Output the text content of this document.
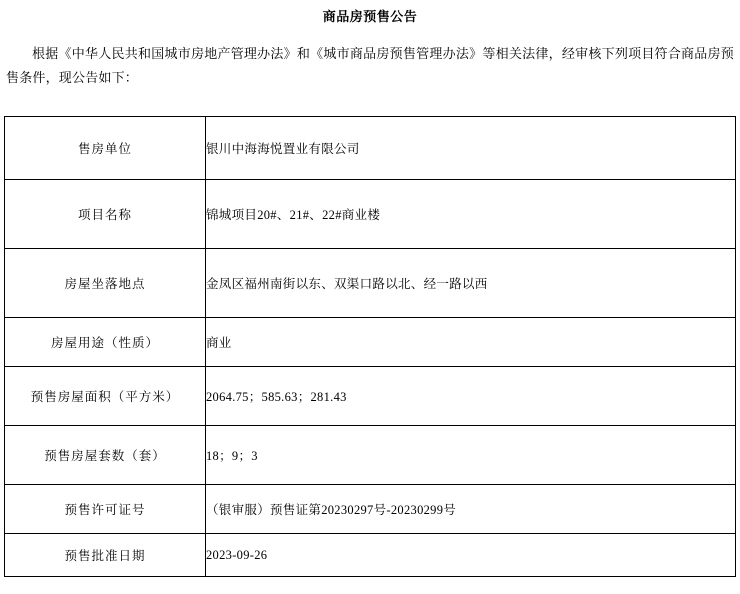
商品房预售公告

根据《中华人民共和国城市房地产管理办法》和《城市商品房预售管理办法》等相关法律，经审核下列项目符合商品房预售条件，现公告如下：

售房单位	银川中海海悦置业有限公司
项目名称	锦城项目20#、21#、22#商业楼
房屋坐落地点	金凤区福州南街以东、双渠口路以北、经一路以西
房屋用途（性质）	商业
预售房屋面积（平方米）	2064.75；585.63；281.43
预售房屋套数（套）	18；9；3
预售许可证号	（银审服）预售证第20230297号-20230299号
预售批准日期	2023-09-26
